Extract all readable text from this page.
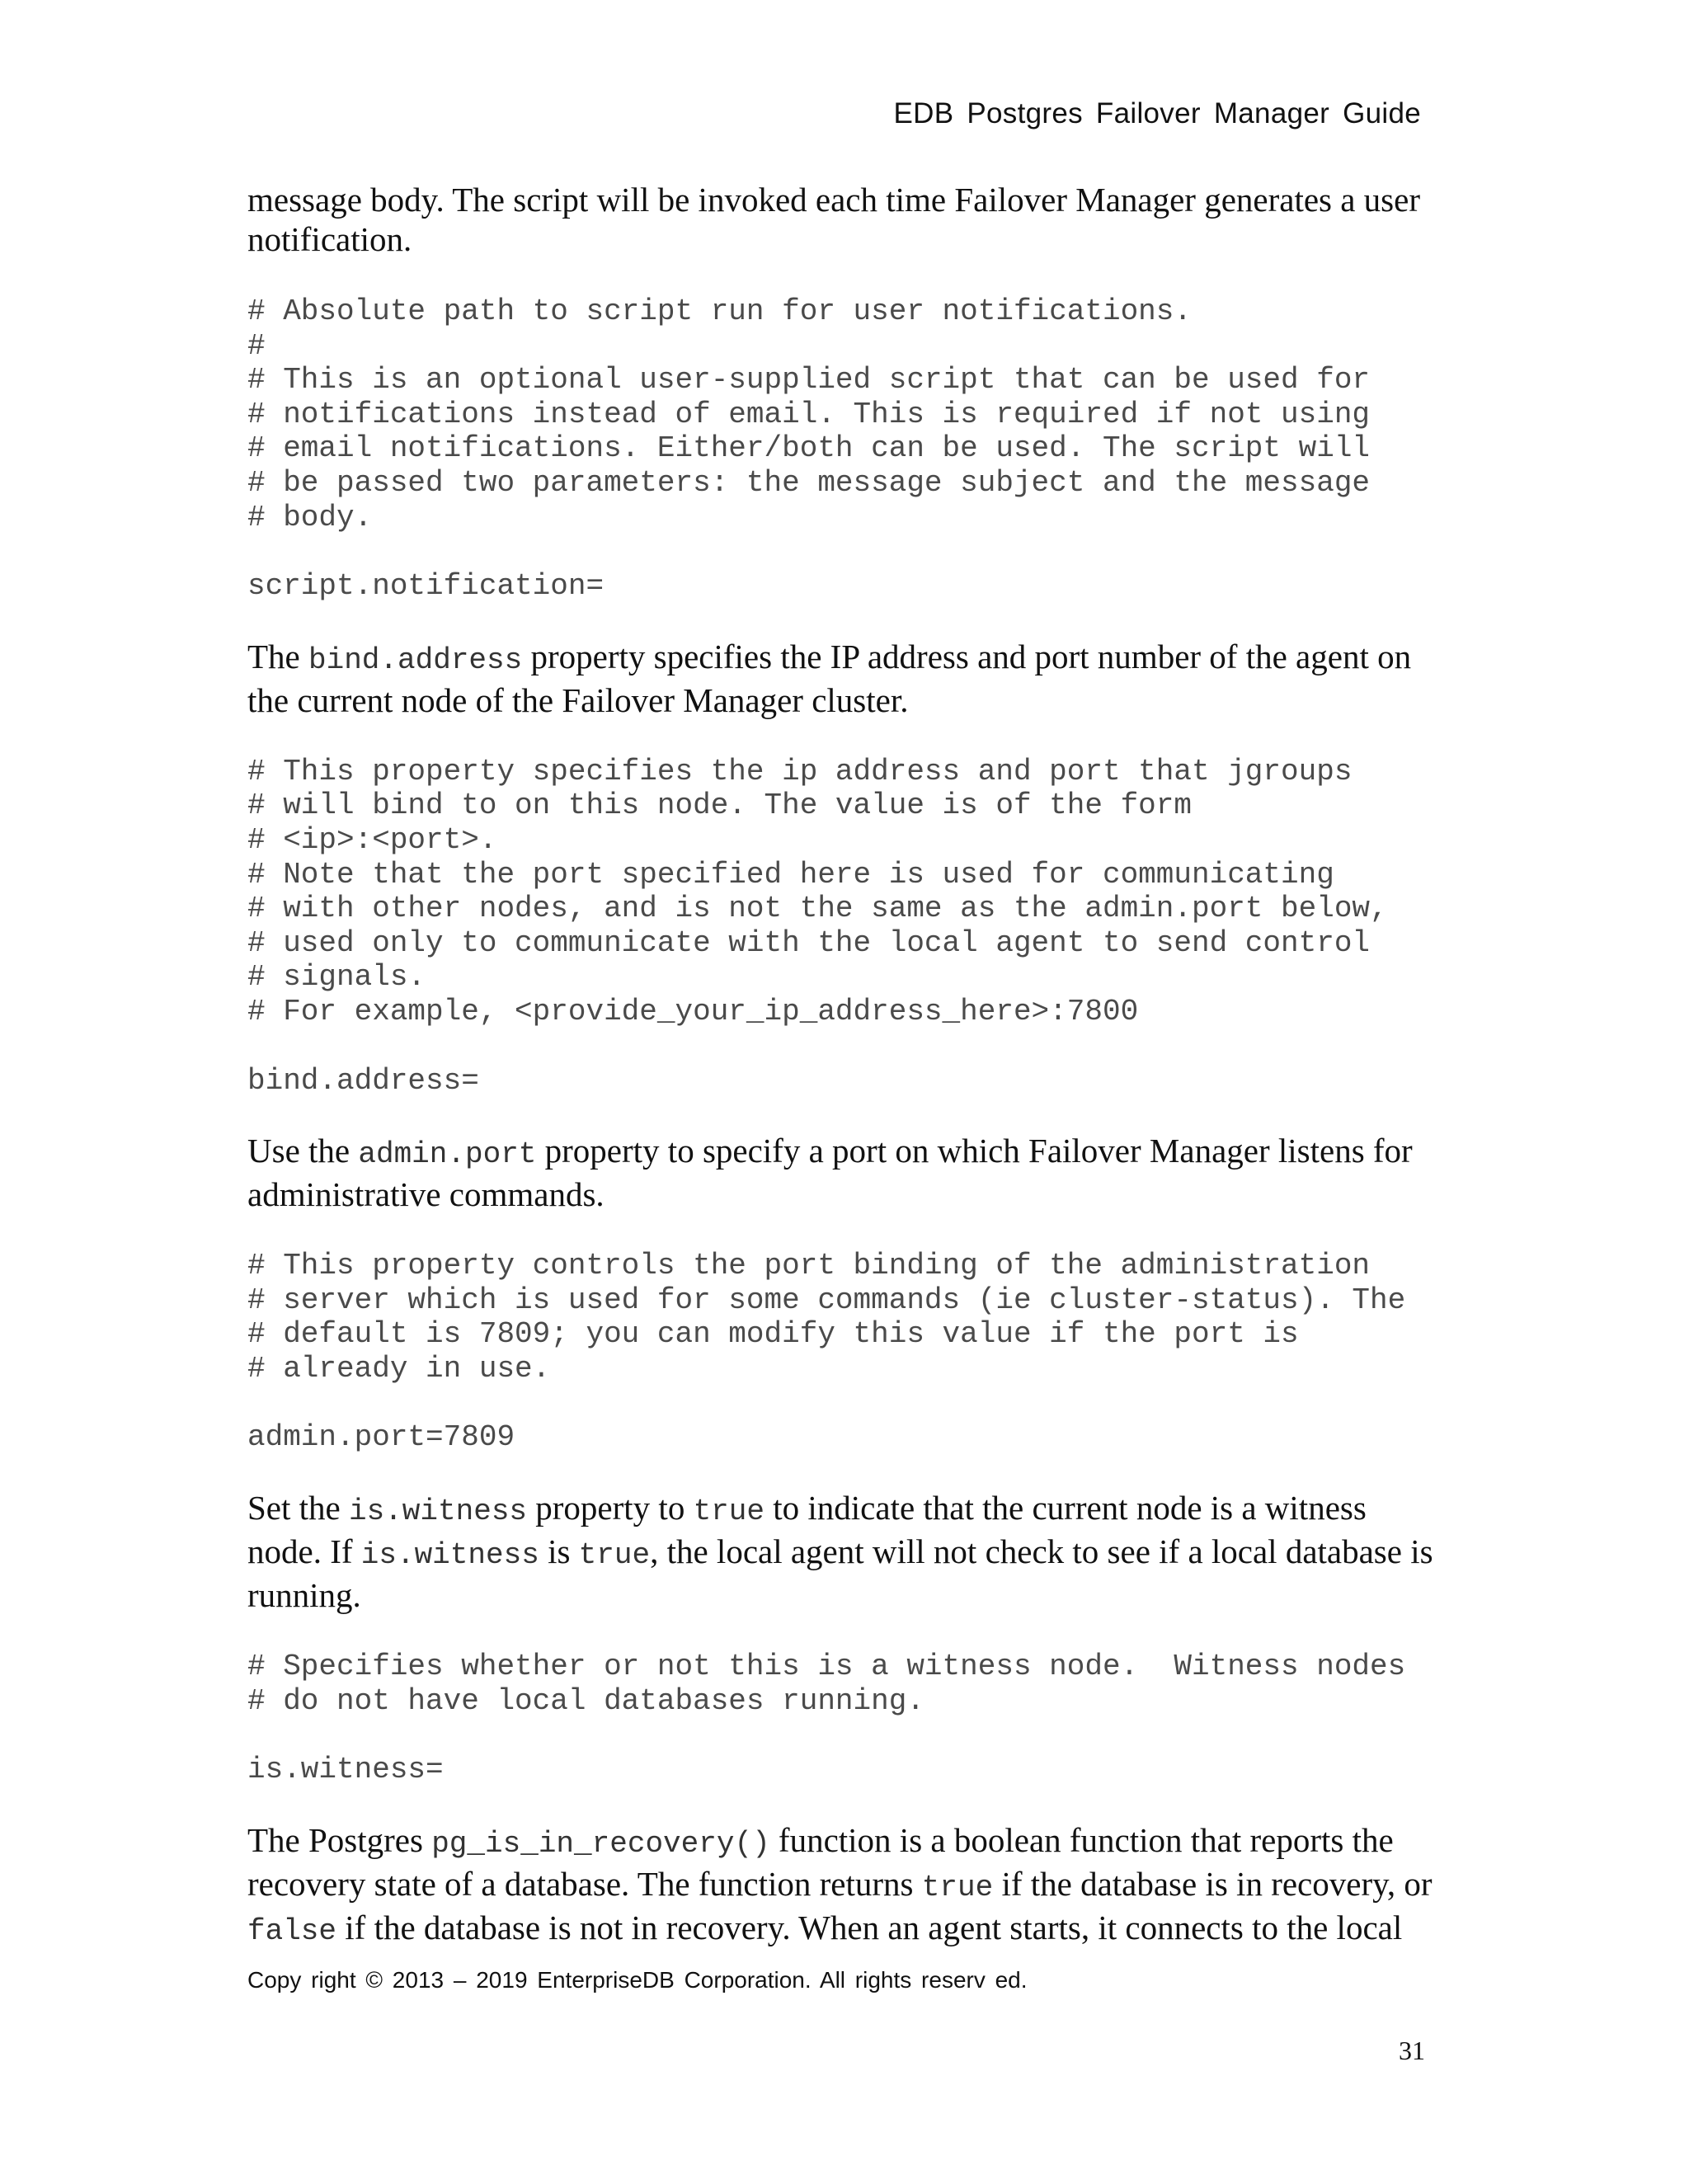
EDB Postgres Failover Manager Guide

message body. The script will be invoked each time Failover Manager generates a user notification.

# Absolute path to script run for user notifications.
#
# This is an optional user-supplied script that can be used for
# notifications instead of email. This is required if not using
# email notifications. Either/both can be used. The script will
# be passed two parameters: the message subject and the message
# body.
script.notification=

The bind.address property specifies the IP address and port number of the agent on the current node of the Failover Manager cluster.

# This property specifies the ip address and port that jgroups
# will bind to on this node. The value is of the form
# <ip>:<port>.
# Note that the port specified here is used for communicating
# with other nodes, and is not the same as the admin.port below,
# used only to communicate with the local agent to send control
# signals.
# For example, <provide_your_ip_address_here>:7800
bind.address=

Use the admin.port property to specify a port on which Failover Manager listens for administrative commands.

# This property controls the port binding of the administration
# server which is used for some commands (ie cluster-status). The
# default is 7809; you can modify this value if the port is
# already in use.
admin.port=7809

Set the is.witness property to true to indicate that the current node is a witness node. If is.witness is true, the local agent will not check to see if a local database is running.

# Specifies whether or not this is a witness node.  Witness nodes
# do not have local databases running.
is.witness=

The Postgres pg_is_in_recovery() function is a boolean function that reports the recovery state of a database. The function returns true if the database is in recovery, or false if the database is not in recovery. When an agent starts, it connects to the local

Copy right © 2013 – 2019 EnterpriseDB Corporation. All rights reserv ed.
31
